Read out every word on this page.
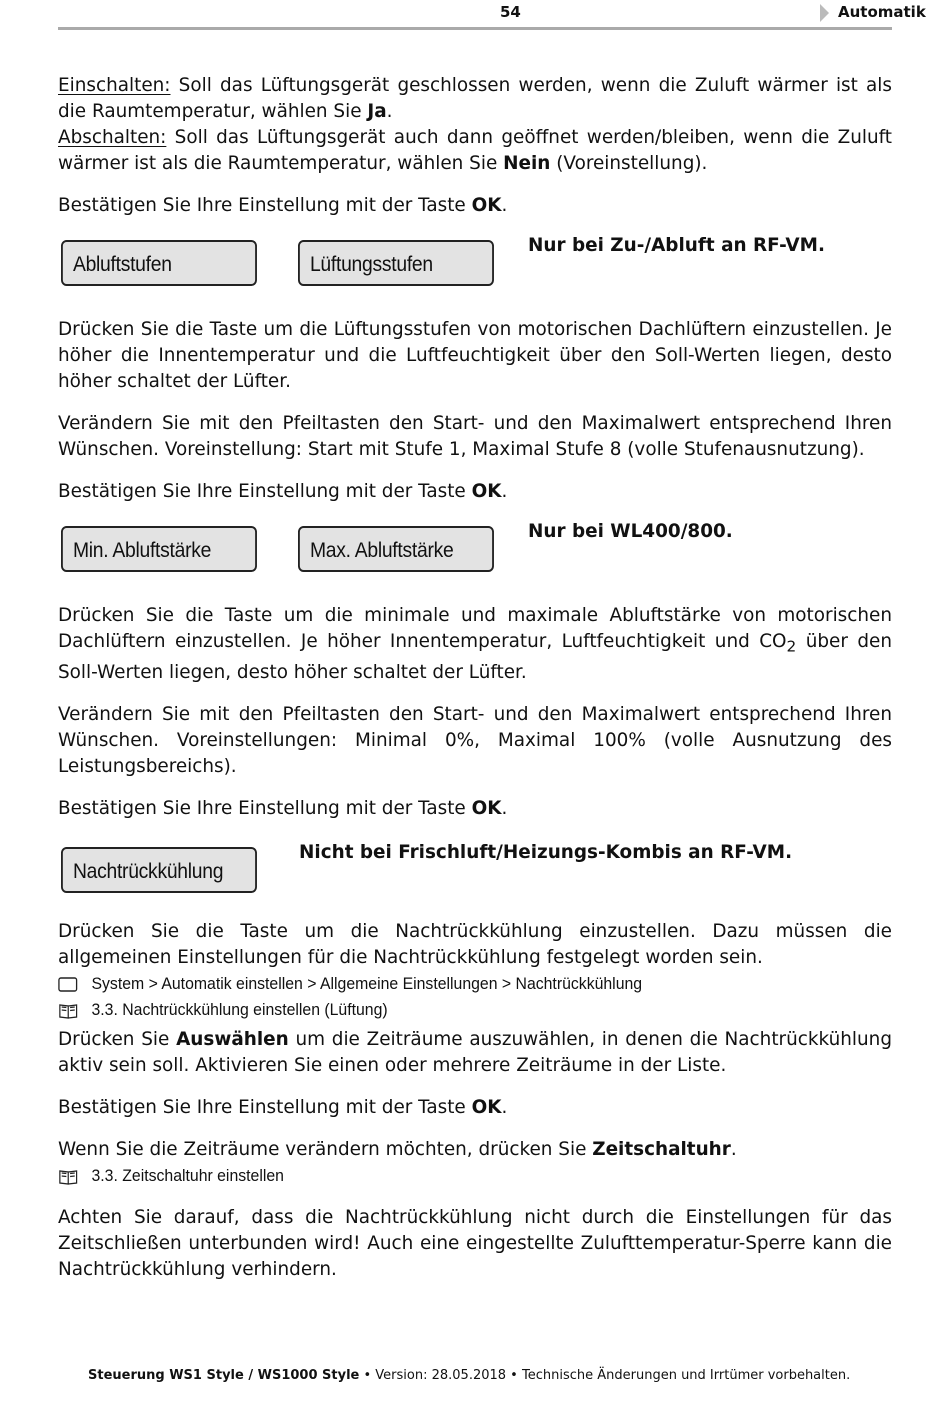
54	Automatik

Einschalten: Soll das Lüftungsgerät geschlossen werden, wenn die Zuluft wärmer ist als die Raumtemperatur, wählen Sie Ja.

Abschalten: Soll das Lüftungsgerät auch dann geöffnet werden/bleiben, wenn die Zuluft wärmer ist als die Raumtemperatur, wählen Sie Nein (Voreinstellung).

Bestätigen Sie Ihre Einstellung mit der Taste OK.

Abluftstufen	Lüftungsstufen
Nur bei Zu-/Abluft an RF-VM.

Drücken Sie die Taste um die Lüftungsstufen von motorischen Dachlüftern einzustellen. Je höher die Innentemperatur und die Luftfeuchtigkeit über den Soll-Werten liegen, desto höher schaltet der Lüfter.

Verändern Sie mit den Pfeiltasten den Start- und den Maximalwert entsprechend Ihren Wünschen. Voreinstellung: Start mit Stufe 1, Maximal Stufe 8 (volle Stufenausnutzung).

Bestätigen Sie Ihre Einstellung mit der Taste OK.

Min. Abluftstärke	Max. Abluftstärke
Nur bei WL400/800.

Drücken Sie die Taste um die minimale und maximale Abluftstärke von motorischen Dachlüftern einzustellen. Je höher Innentemperatur, Luftfeuchtigkeit und $CO_2$ über den Soll-Werten liegen, desto höher schaltet der Lüfter.

Verändern Sie mit den Pfeiltasten den Start- und den Maximalwert entsprechend Ihren Wünschen. Voreinstellungen: Minimal 0%, Maximal 100% (volle Ausnutzung des Leistungsbereichs).

Bestätigen Sie Ihre Einstellung mit der Taste OK.

Nachtrückkühlung
Nicht bei Frischluft/Heizungs-Kombis an RF-VM.

Drücken Sie die Taste um die Nachtrückkühlung einzustellen. Dazu müssen die allgemeinen Einstellungen für die Nachtrückkühlung festgelegt worden sein.

System > Automatik einstellen > Allgemeine Einstellungen > Nachtrückkühlung
3.3. Nachtrückkühlung einstellen (Lüftung)

Drücken Sie Auswählen um die Zeiträume auszuwählen, in denen die Nachtrückkühlung aktiv sein soll. Aktivieren Sie einen oder mehrere Zeiträume in der Liste.

Bestätigen Sie Ihre Einstellung mit der Taste OK.

Wenn Sie die Zeiträume verändern möchten, drücken Sie Zeitschaltuhr.

3.3. Zeitschaltuhr einstellen

Achten Sie darauf, dass die Nachtrückkühlung nicht durch die Einstellungen für das Zeitschließen unterbunden wird! Auch eine eingestellte Zulufttemperatur-Sperre kann die Nachtrückkühlung verhindern.

Steuerung WS1 Style / WS1000 Style • Version: 28.05.2018 • Technische Änderungen und Irrtümer vorbehalten.
